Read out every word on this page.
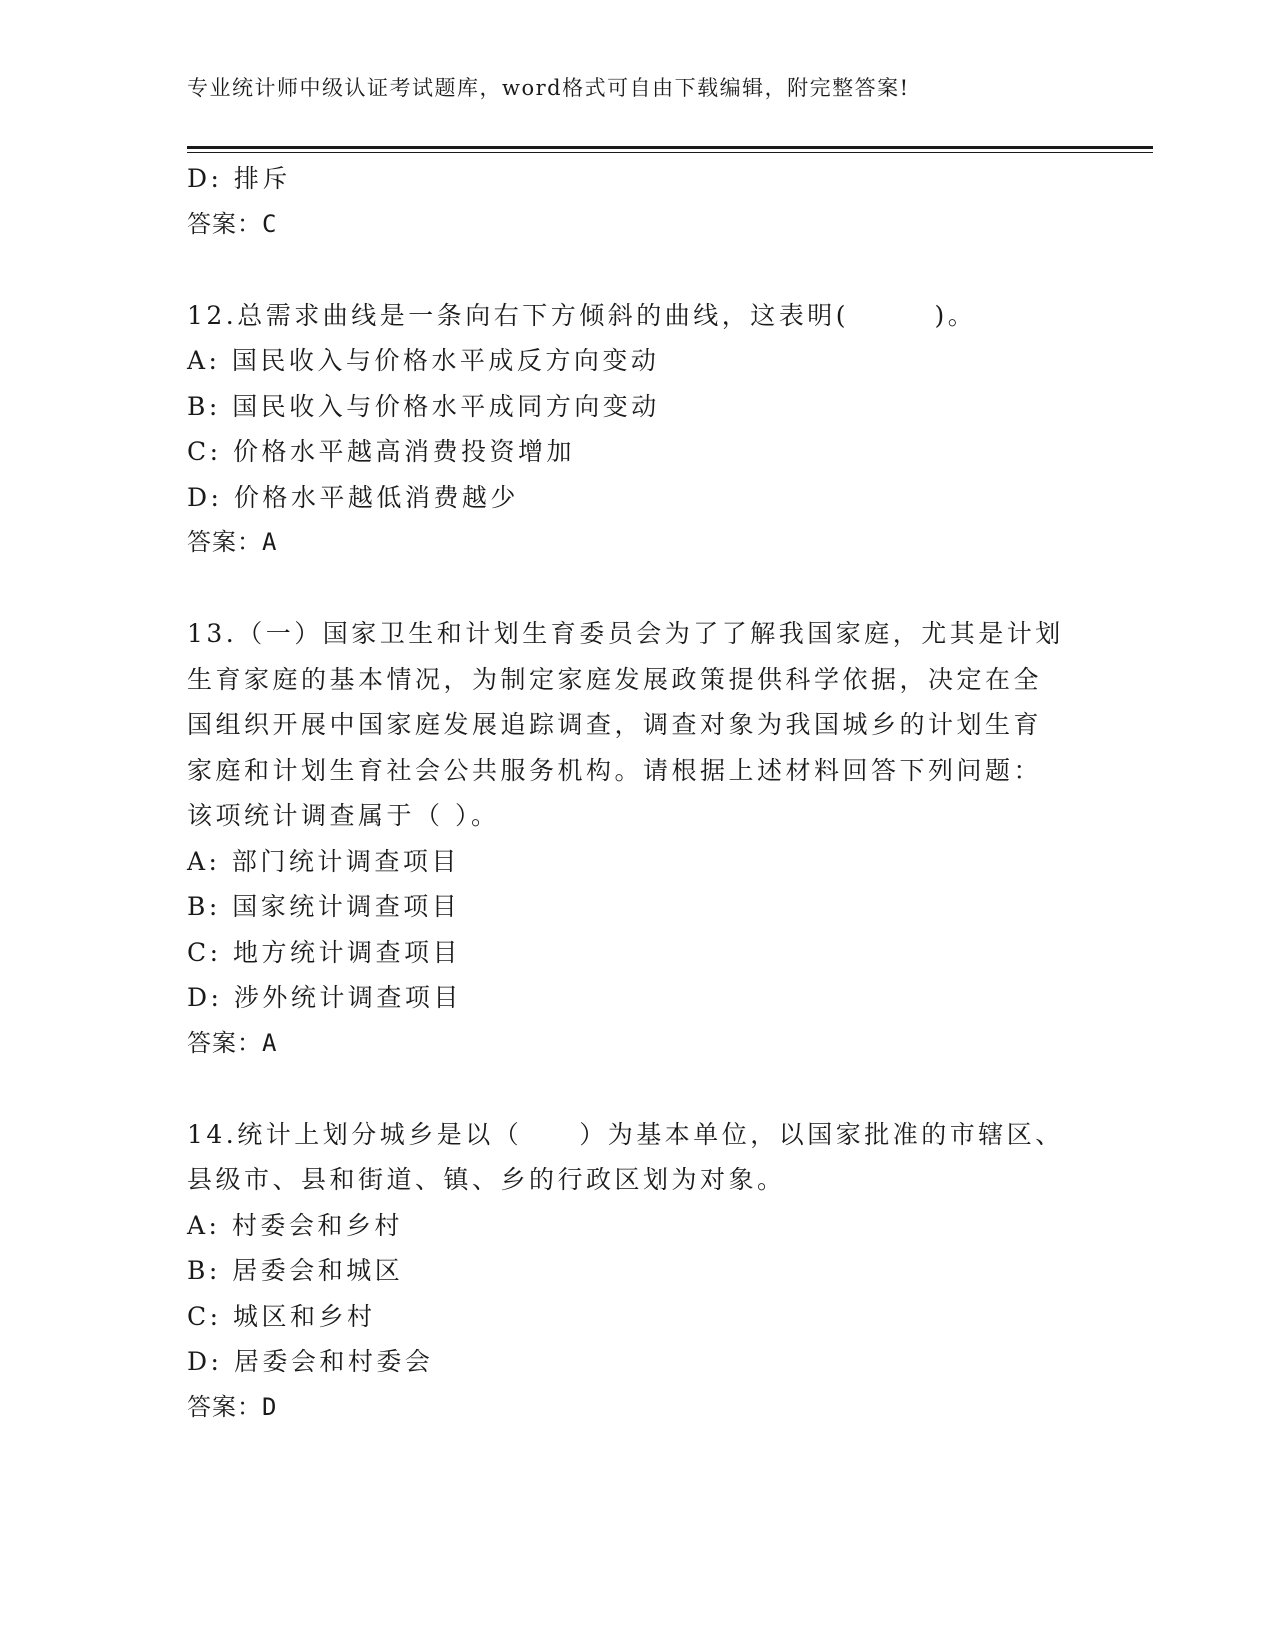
专业统计师中级认证考试题库，word格式可自由下载编辑，附完整答案!
D: 排斥
答案：C
12.总需求曲线是一条向右下方倾斜的曲线，这表明(　　　)。
A: 国民收入与价格水平成反方向变动
B: 国民收入与价格水平成同方向变动
C: 价格水平越高消费投资增加
D: 价格水平越低消费越少
答案：A
13.（一）国家卫生和计划生育委员会为了了解我国家庭，尤其是计划
生育家庭的基本情况，为制定家庭发展政策提供科学依据，决定在全
国组织开展中国家庭发展追踪调查，调查对象为我国城乡的计划生育
家庭和计划生育社会公共服务机构。请根据上述材料回答下列问题：
该项统计调查属于（ ）。
A: 部门统计调查项目
B: 国家统计调查项目
C: 地方统计调查项目
D: 涉外统计调查项目
答案：A
14.统计上划分城乡是以（　　）为基本单位，以国家批准的市辖区、
县级市、县和街道、镇、乡的行政区划为对象。
A: 村委会和乡村
B: 居委会和城区
C: 城区和乡村
D: 居委会和村委会
答案：D
